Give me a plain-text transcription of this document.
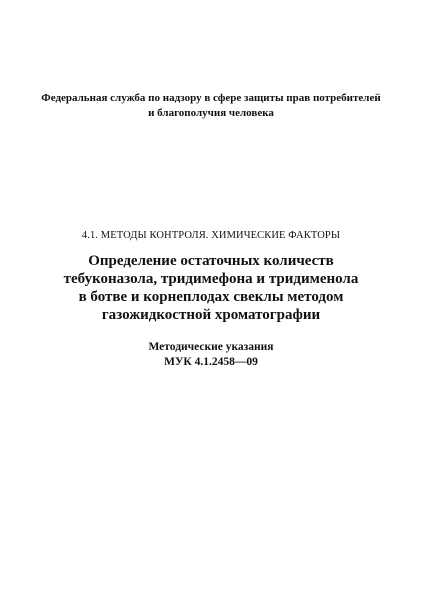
Федеральная служба по надзору в сфере защиты прав потребителей
и благополучия человека
4.1. МЕТОДЫ КОНТРОЛЯ. ХИМИЧЕСКИЕ ФАКТОРЫ
Определение остаточных количеств
тебуконазола, тридимефона и тридименола
в ботве и корнеплодах свеклы методом
газожидкостной хроматографии
Методические указания
МУК 4.1.2458—09
